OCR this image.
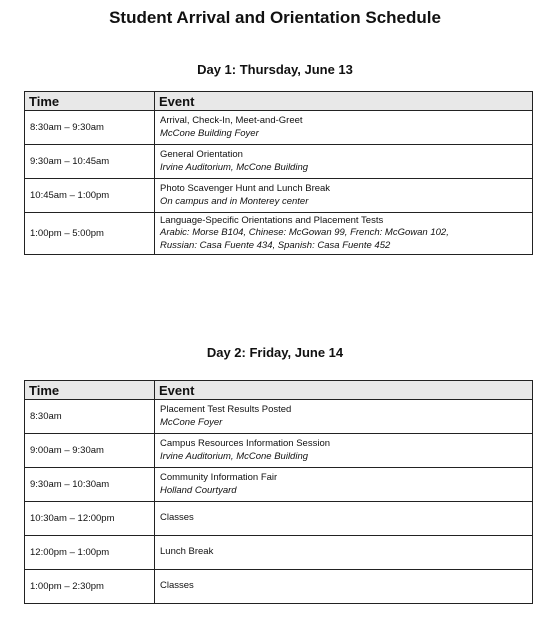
Student Arrival and Orientation Schedule
Day 1: Thursday, June 13
Time	Event
8:30am – 9:30am	Arrival, Check-In, Meet-and-Greet
McCone Building Foyer

9:30am – 10:45am	General Orientation
Irvine Auditorium, McCone Building

10:45am – 1:00pm	Photo Scavenger Hunt and Lunch Break
On campus and in Monterey center

1:00pm – 5:00pm	Language-Specific Orientations and Placement Tests
Arabic: Morse B104, Chinese: McGowan 99, French: McGowan 102,
Russian: Casa Fuente 434, Spanish: Casa Fuente 452
Day 2: Friday, June 14
Time	Event
8:30am	Placement Test Results Posted
McCone Foyer

9:00am – 9:30am	Campus Resources Information Session
Irvine Auditorium, McCone Building

9:30am – 10:30am	Community Information Fair
Holland Courtyard

10:30am – 12:00pm	Classes

12:00pm – 1:00pm	Lunch Break

1:00pm – 2:30pm	Classes
